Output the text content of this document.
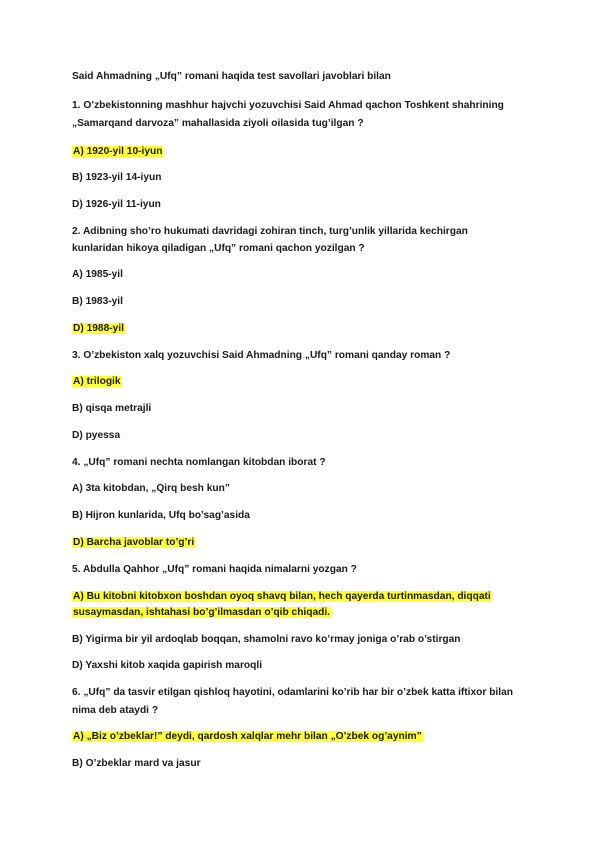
Said Ahmadning „Ufq” romani haqida test savollari javoblari bilan
1. O’zbekistonning mashhur hajvchi yozuvchisi Said Ahmad qachon Toshkent shahrining
„Samarqand darvoza” mahallasida ziyoli oilasida tug’ilgan ?
A) 1920-yil 10-iyun
B) 1923-yil 14-iyun
D) 1926-yil 11-iyun
2. Adibning sho’ro hukumati davridagi zohiran tinch, turg’unlik yillarida kechirgan
kunlaridan hikoya qiladigan „Ufq” romani qachon yozilgan ?
A) 1985-yil
B) 1983-yil
D) 1988-yil
3. O’zbekiston xalq yozuvchisi Said Ahmadning „Ufq” romani qanday roman ?
A) trilogik
B) qisqa metrajli
D) pyessa
4. „Ufq” romani nechta nomlangan kitobdan iborat ?
A) 3ta kitobdan, „Qirq besh kun”
B) Hijron kunlarida, Ufq bo’sag’asida
D) Barcha javoblar to’g’ri
5. Abdulla Qahhor „Ufq” romani haqida nimalarni yozgan ?
A) Bu kitobni kitobxon boshdan oyoq shavq bilan, hech qayerda turtinmasdan, diqqati
susaymasdan, ishtahasi bo’g’ilmasdan o’qib chiqadi.
B) Yigirma bir yil ardoqlab boqqan, shamolni ravo ko’rmay joniga o’rab o’stirgan
D) Yaxshi kitob xaqida gapirish maroqli
6. „Ufq” da tasvir etilgan qishloq hayotini, odamlarini ko’rib har bir o’zbek katta iftixor bilan
nima deb ataydi ?
A) „Biz o’zbeklar!” deydi, qardosh xalqlar mehr bilan „O’zbek og’aynim”
B) O’zbeklar mard va jasur
